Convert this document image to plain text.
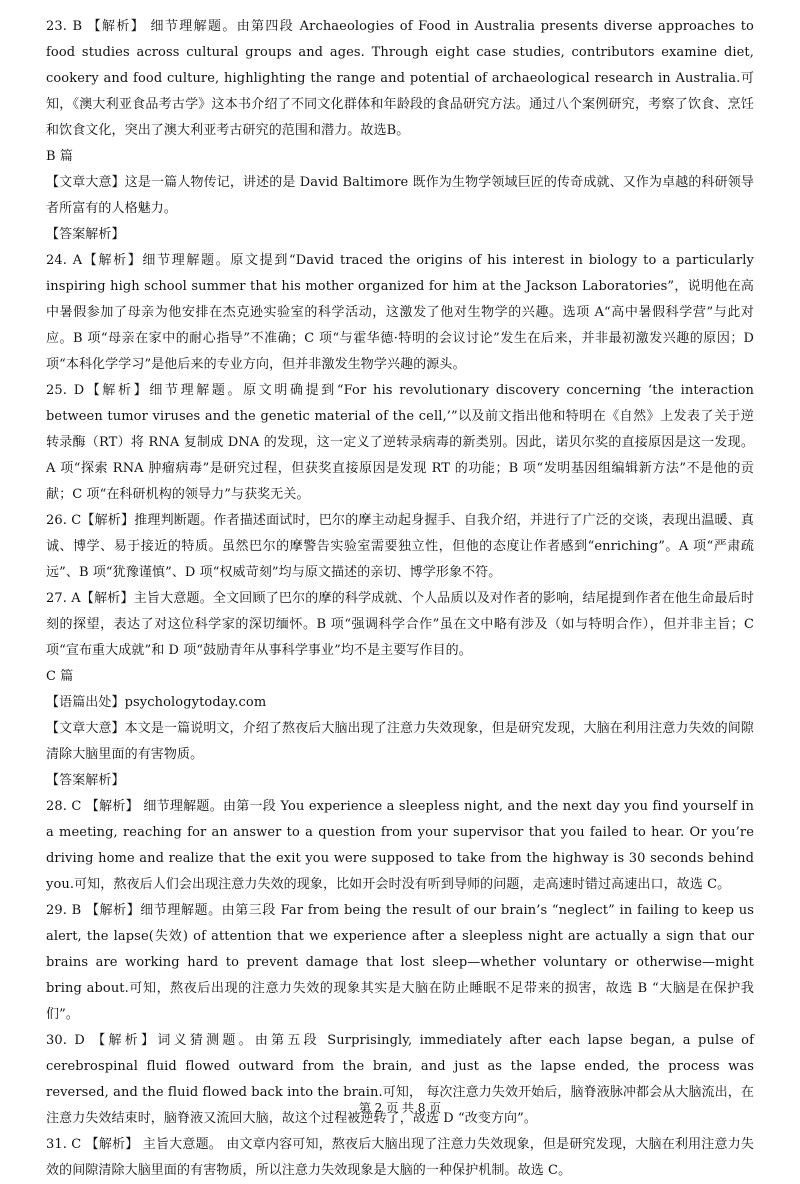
23. B 【解析】 细节理解题。由第四段 Archaeologies of Food in Australia presents diverse approaches to food studies across cultural groups and ages. Through eight case studies, contributors examine diet, cookery and food culture, highlighting the range and potential of archaeological research in Australia.可知，《澳大利亚食品考古学》这本书介绍了不同文化群体和年龄段的食品研究方法。通过八个案例研究，考察了饮食、烹饪和饮食文化，突出了澳大利亚考古研究的范围和潜力。故选B。

B 篇

【文章大意】这是一篇人物传记，讲述的是 David Baltimore 既作为生物学领域巨匠的传奇成就、又作为卓越的科研领导者所富有的人格魅力。

【答案解析】

24. A【解析】细节理解题。原文提到“David traced the origins of his interest in biology to a particularly inspiring high school summer that his mother organized for him at the Jackson Laboratories”，说明他在高中暑假参加了母亲为他安排在杰克逊实验室的科学活动，这激发了他对生物学的兴趣。选项 A“高中暑假科学营”与此对应。B 项“母亲在家中的耐心指导”不准确；C 项“与霍华德·特明的会议讨论”发生在后来，并非最初激发兴趣的原因；D 项“本科化学学习”是他后来的专业方向，但并非激发生物学兴趣的源头。

25. D【解析】细节理解题。原文明确提到“For his revolutionary discovery concerning ‘the interaction between tumor viruses and the genetic material of the cell,’”以及前文指出他和特明在《自然》上发表了关于逆转录酶（RT）将 RNA 复制成 DNA 的发现，这一定义了逆转录病毒的新类别。因此，诺贝尔奖的直接原因是这一发现。A 项“探索 RNA 肿瘤病毒”是研究过程，但获奖直接原因是发现 RT 的功能；B 项“发明基因组编辑新方法”不是他的贡献；C 项“在科研机构的领导力”与获奖无关。

26. C【解析】推理判断题。作者描述面试时，巴尔的摩主动起身握手、自我介绍，并进行了广泛的交谈，表现出温暖、真诚、博学、易于接近的特质。虽然巴尔的摩警告实验室需要独立性，但他的态度让作者感到“enriching”。A 项“严肃疏远”、B 项“犹豫谨慎”、D 项“权威苛刻”均与原文描述的亲切、博学形象不符。

27. A【解析】主旨大意题。全文回顾了巴尔的摩的科学成就、个人品质以及对作者的影响，结尾提到作者在他生命最后时刻的探望，表达了对这位科学家的深切缅怀。B 项“强调科学合作”虽在文中略有涉及（如与特明合作），但并非主旨；C 项“宣布重大成就”和 D 项“鼓励青年从事科学事业”均不是主要写作目的。

C 篇

【语篇出处】psychologytoday.com

【文章大意】本文是一篇说明文，介绍了熬夜后大脑出现了注意力失效现象，但是研究发现，大脑在利用注意力失效的间隙清除大脑里面的有害物质。

【答案解析】

28. C 【解析】 细节理解题。由第一段 You experience a sleepless night, and the next day you find yourself in a meeting, reaching for an answer to a question from your supervisor that you failed to hear. Or you’re driving home and realize that the exit you were supposed to take from the highway is 30 seconds behind you.可知，熬夜后人们会出现注意力失效的现象，比如开会时没有听到导师的问题，走高速时错过高速出口，故选 C。

29. B 【解析】细节理解题。由第三段 Far from being the result of our brain’s “neglect” in failing to keep us alert, the lapse(失效) of attention that we experience after a sleepless night are actually a sign that our brains are working hard to prevent damage that lost sleep—whether voluntary or otherwise—might bring about.可知，熬夜后出现的注意力失效的现象其实是大脑在防止睡眠不足带来的损害，故选 B “大脑是在保护我们”。

30. D 【解析】词义猜测题。由第五段 Surprisingly, immediately after each lapse began, a pulse of cerebrospinal fluid flowed outward from the brain, and just as the lapse ended, the process was reversed, and the fluid flowed back into the brain.可知， 每次注意力失效开始后，脑脊液脉冲都会从大脑流出，在注意力失效结束时，脑脊液又流回大脑，故这个过程被逆转了，故选 D “改变方向”。

31. C 【解析】 主旨大意题。 由文章内容可知，熬夜后大脑出现了注意力失效现象，但是研究发现，大脑在利用注意力失效的间隙清除大脑里面的有害物质，所以注意力失效现象是大脑的一种保护机制。故选 C。

第 2 页 共 8 页
